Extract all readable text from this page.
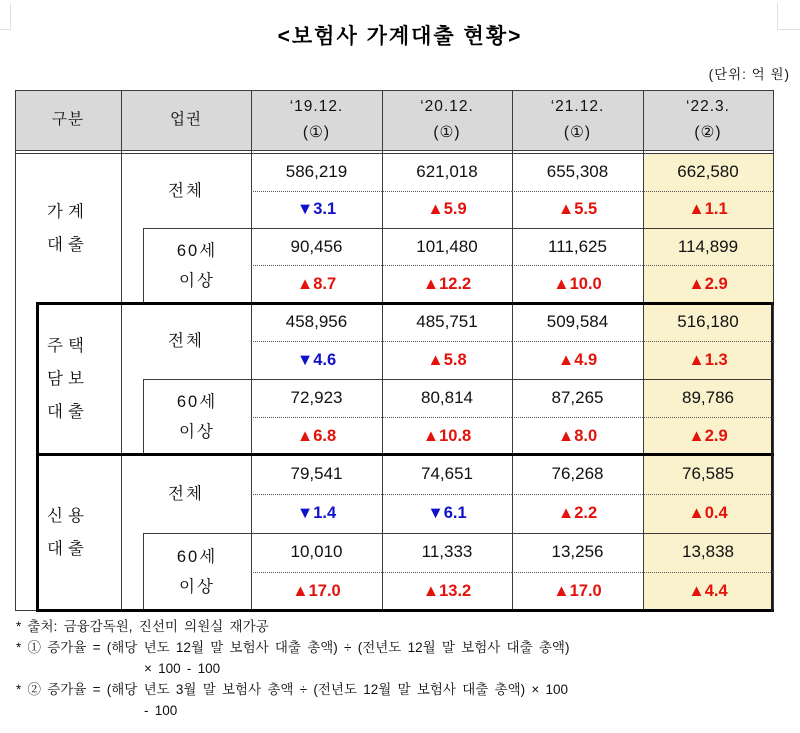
<보험사 가계대출 현황>
(단위: 억 원)
구분	업권
‘19.12.
(①)
‘20.12.
(①)
‘21.12.
(①)
‘22.3.
(②)
가계
대출
주택
담보
대출
신용
대출
전체
60세
이상
전체
60세
이상
전체
60세
이상
586,219
▼3.1
621,018
▲5.9
655,308
▲5.5
662,580
▲1.1
90,456
▲8.7
101,480
▲12.2
111,625
▲10.0
114,899
▲2.9
458,956
▼4.6
485,751
▲5.8
509,584
▲4.9
516,180
▲1.3
72,923
▲6.8
80,814
▲10.8
87,265
▲8.0
89,786
▲2.9
79,541
▼1.4
74,651
▼6.1
76,268
▲2.2
76,585
▲0.4
10,010
▲17.0
11,333
▲13.2
13,256
▲17.0
13,838
▲4.4
* 출처: 금융감독원, 진선미 의원실 재가공
* ① 증가율 = (해당 년도 12월 말 보험사 대출 총액) ÷ (전년도 12월 말 보험사 대출 총액)
× 100 - 100
* ② 증가율 = (해당 년도 3월 말 보험사 총액 ÷ (전년도 12월 말 보험사 대출 총액) × 100
- 100
